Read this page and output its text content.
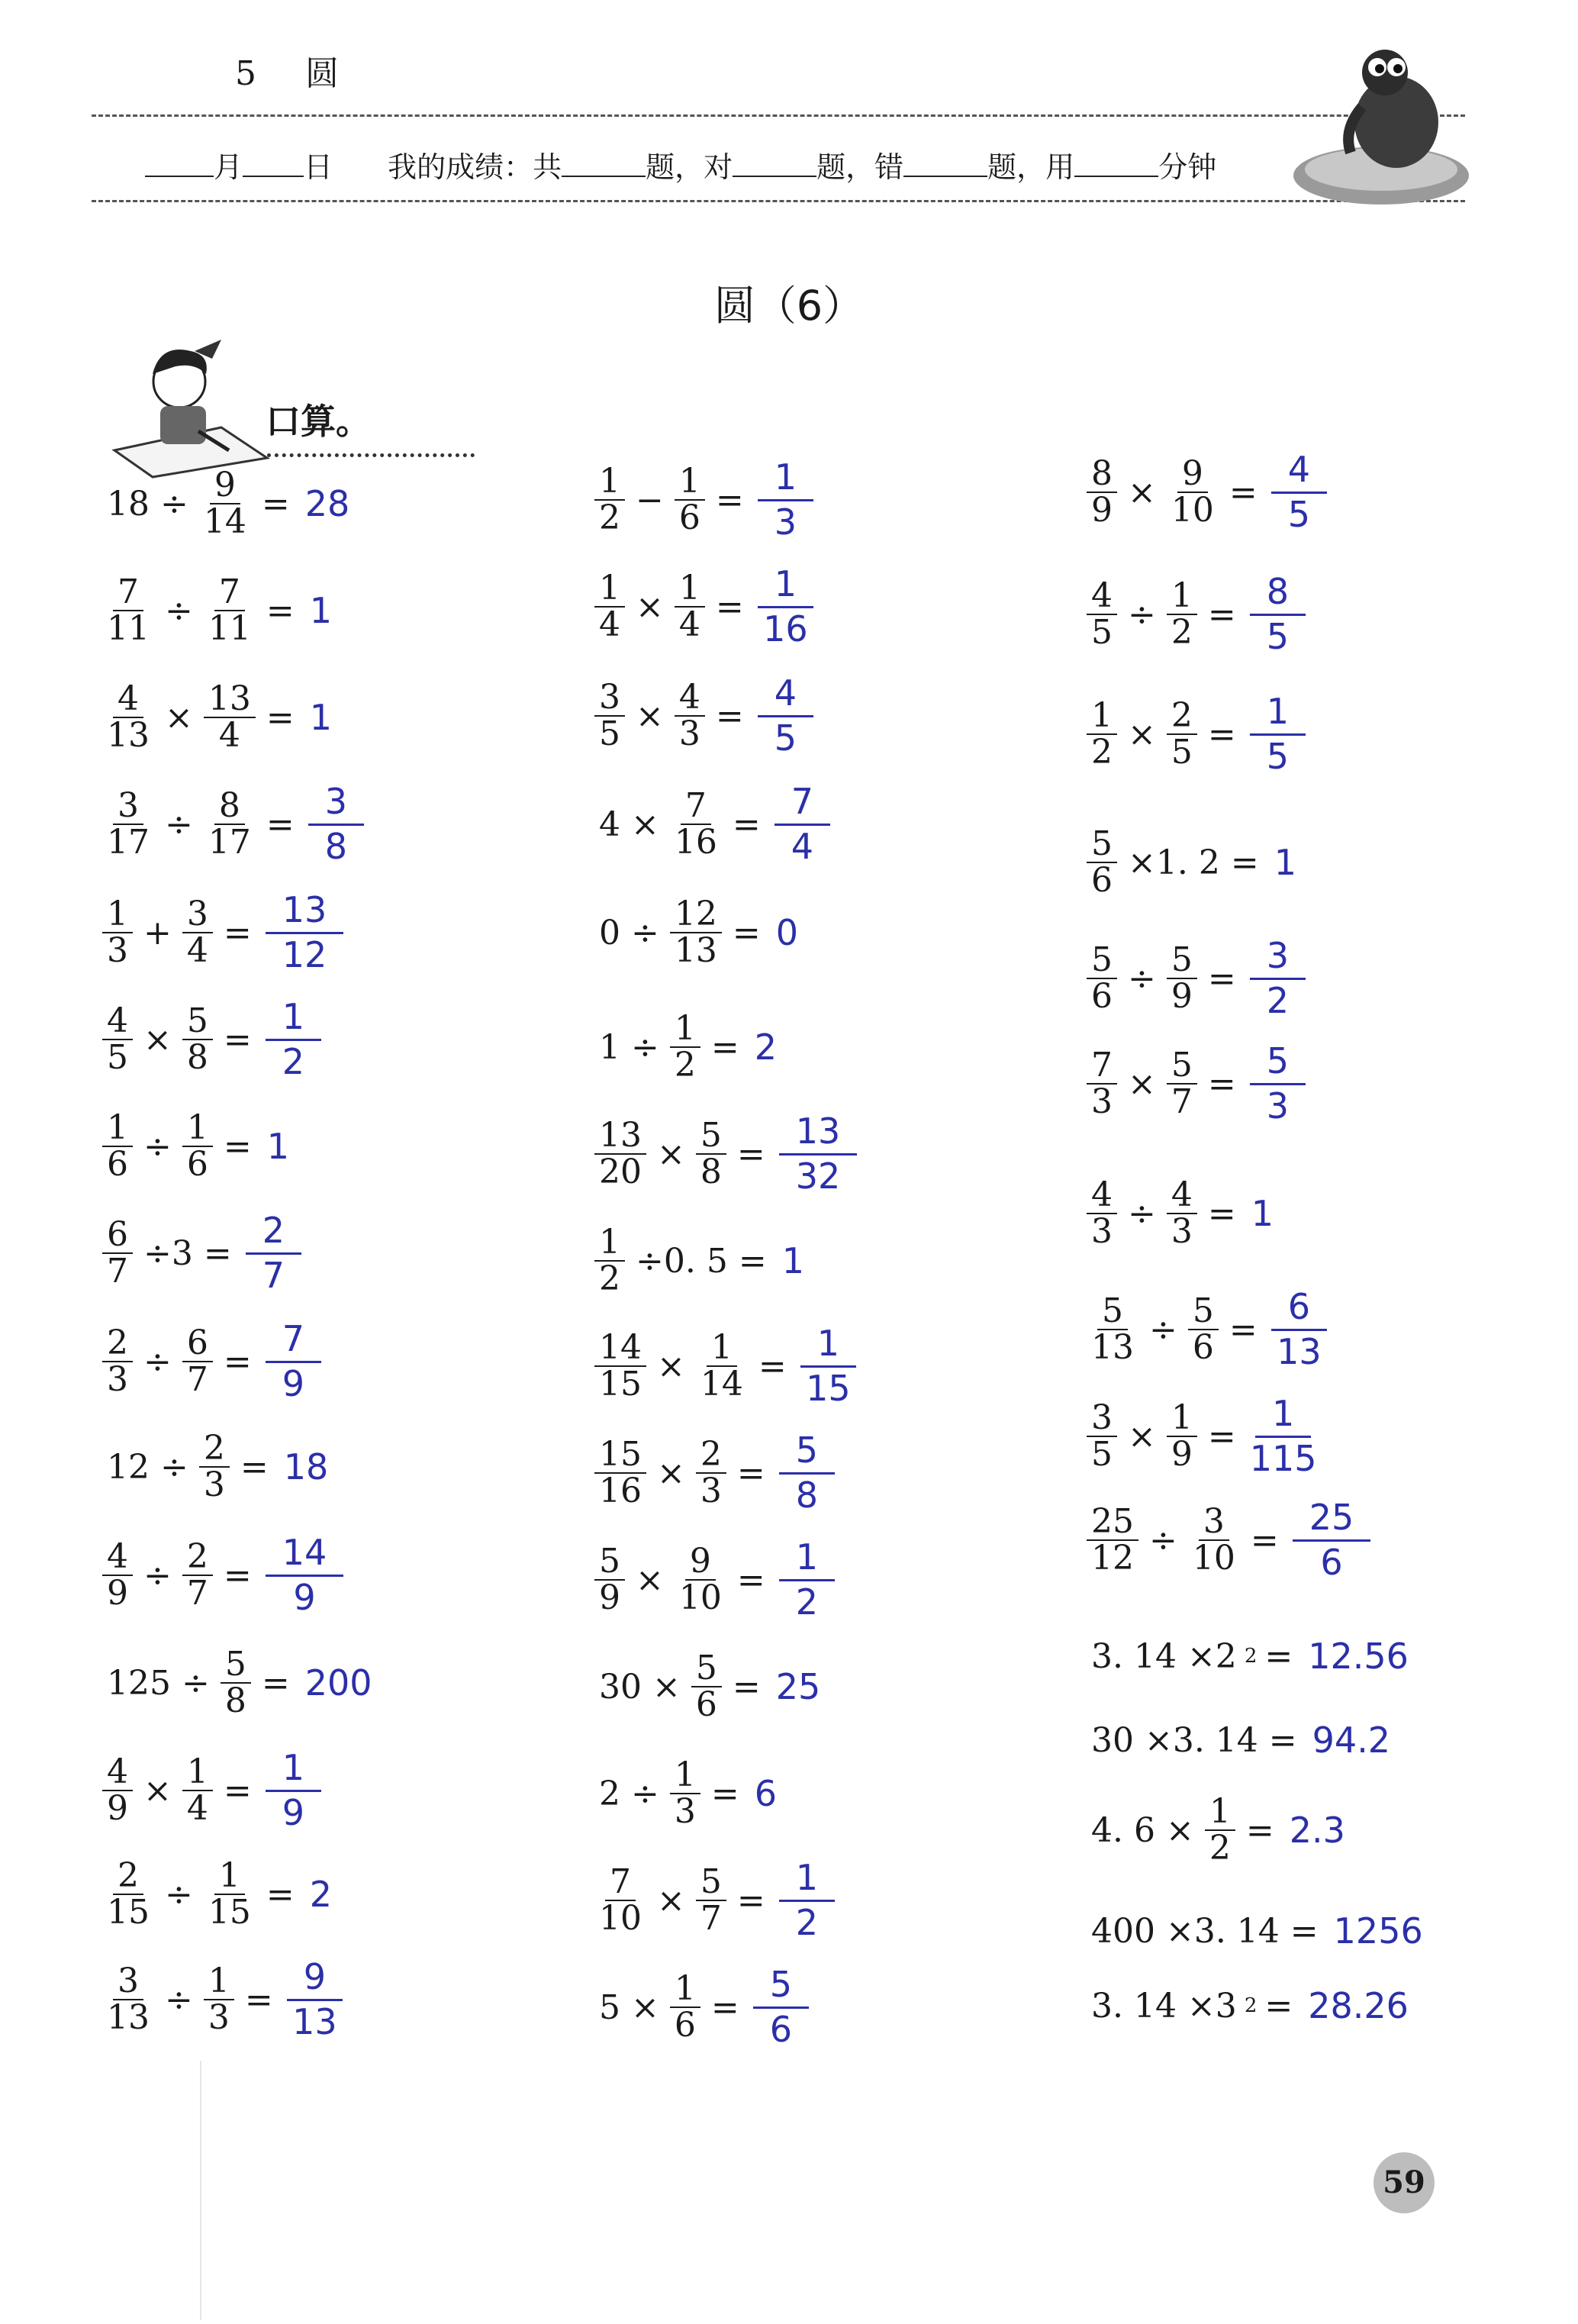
5 圆
月 日 我的成绩：共	题，对	题，错	题，用	分钟
圆（6）
口算。
$18 \div \frac{9}{14} = 28$
$\frac{7}{11} \div \frac{7}{11} = 1$
$\frac{4}{13} \times \frac{13}{4} = 1$
$\frac{3}{17} \div \frac{8}{17} = \frac{3}{8}$
$\frac{1}{3} + \frac{3}{4} = \frac{13}{12}$
$\frac{4}{5} \times \frac{5}{8} = \frac{1}{2}$
$\frac{1}{6} \div \frac{1}{6} = 1$
$\frac{6}{7} \div 3 = \frac{2}{7}$
$\frac{2}{3} \div \frac{6}{7} = \frac{7}{9}$
$12 \div \frac{2}{3} = 18$
$\frac{4}{9} \div \frac{2}{7} = \frac{14}{9}$
$125 \div \frac{5}{8} = 200$
$\frac{4}{9} \times \frac{1}{4} = \frac{1}{9}$
$\frac{2}{15} \div \frac{1}{15} = 2$
$\frac{3}{13} \div \frac{1}{3} = \frac{9}{13}$
$\frac{1}{2} - \frac{1}{6} = \frac{1}{3}$
$\frac{1}{4} \times \frac{1}{4} = \frac{1}{16}$
$\frac{3}{5} \times \frac{4}{3} = \frac{4}{5}$
$4 \times \frac{7}{16} = \frac{7}{4}$
$0 \div \frac{12}{13} = 0$
$1 \div \frac{1}{2} = 2$
$\frac{13}{20} \times \frac{5}{8} = \frac{13}{32}$
$\frac{1}{2} \div 0$. 5 = 1
$\frac{14}{15} \times \frac{1}{14} = \frac{1}{15}$
$\frac{15}{16} \times \frac{2}{3} = \frac{5}{8}$
$\frac{5}{9} \times \frac{9}{10} = \frac{1}{2}$
$30 \times \frac{5}{6} = 25$
$2 \div \frac{1}{3} = 6$
$\frac{7}{10} \times \frac{5}{7} = \frac{1}{2}$
$5 \times \frac{1}{6} = \frac{5}{6}$
$\frac{8}{9} \times \frac{9}{10} = \frac{4}{5}$
$\frac{4}{5} \div \frac{1}{2} = \frac{8}{5}$
$\frac{1}{2} \times \frac{2}{5} = \frac{1}{5}$
$\frac{5}{6} \times 1$. 2 = 1
$\frac{5}{6} \div \frac{5}{9} = \frac{3}{2}$
$\frac{7}{3} \times \frac{5}{7} = \frac{5}{3}$
$\frac{4}{3} \div \frac{4}{3} = 1$
$\frac{5}{13} \div \frac{5}{6} = \frac{6}{13}$
$\frac{3}{5} \times \frac{1}{9} = \frac{1}{115}$
$\frac{25}{12} \div \frac{3}{10} = \frac{25}{6}$
3. 14 ×2 2 = 12.56
30 ×3. 14 = 94.2
4. $6 \times \frac{1}{2} = 2.3$
400 ×3. 14 = 1256
3. 14 ×3 2 = 28.26
59
